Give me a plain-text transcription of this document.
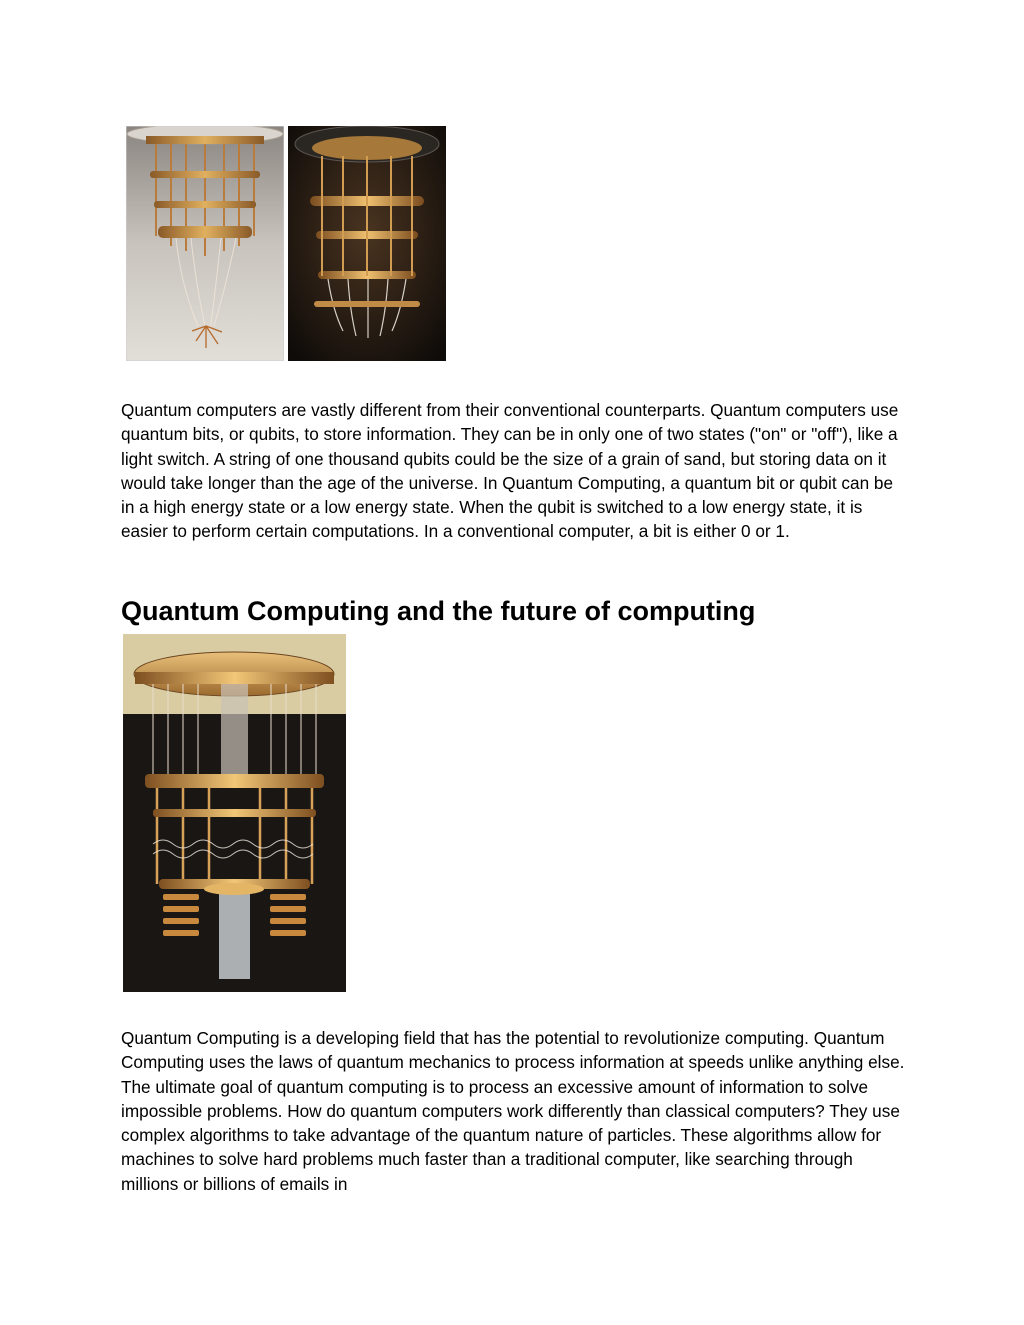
Quantum computers are vastly different from their conventional counterparts. Quantum computers use quantum bits, or qubits, to store information. They can be in only one of two states ("on" or "off"), like a light switch. A string of one thousand qubits could be the size of a grain of sand, but storing data on it would take longer than the age of the universe. In Quantum Computing, a quantum bit or qubit can be in a high energy state or a low energy state. When the qubit is switched to a low energy state, it is easier to perform certain computations. In a conventional computer, a bit is either 0 or 1.

Quantum Computing and the future of computing

Quantum Computing is a developing field that has the potential to revolutionize computing. Quantum Computing uses the laws of quantum mechanics to process information at speeds unlike anything else. The ultimate goal of quantum computing is to process an excessive amount of information to solve impossible problems. How do quantum computers work differently than classical computers? They use complex algorithms to take advantage of the quantum nature of particles. These algorithms allow for machines to solve hard problems much faster than a traditional computer, like searching through millions or billions of emails in
